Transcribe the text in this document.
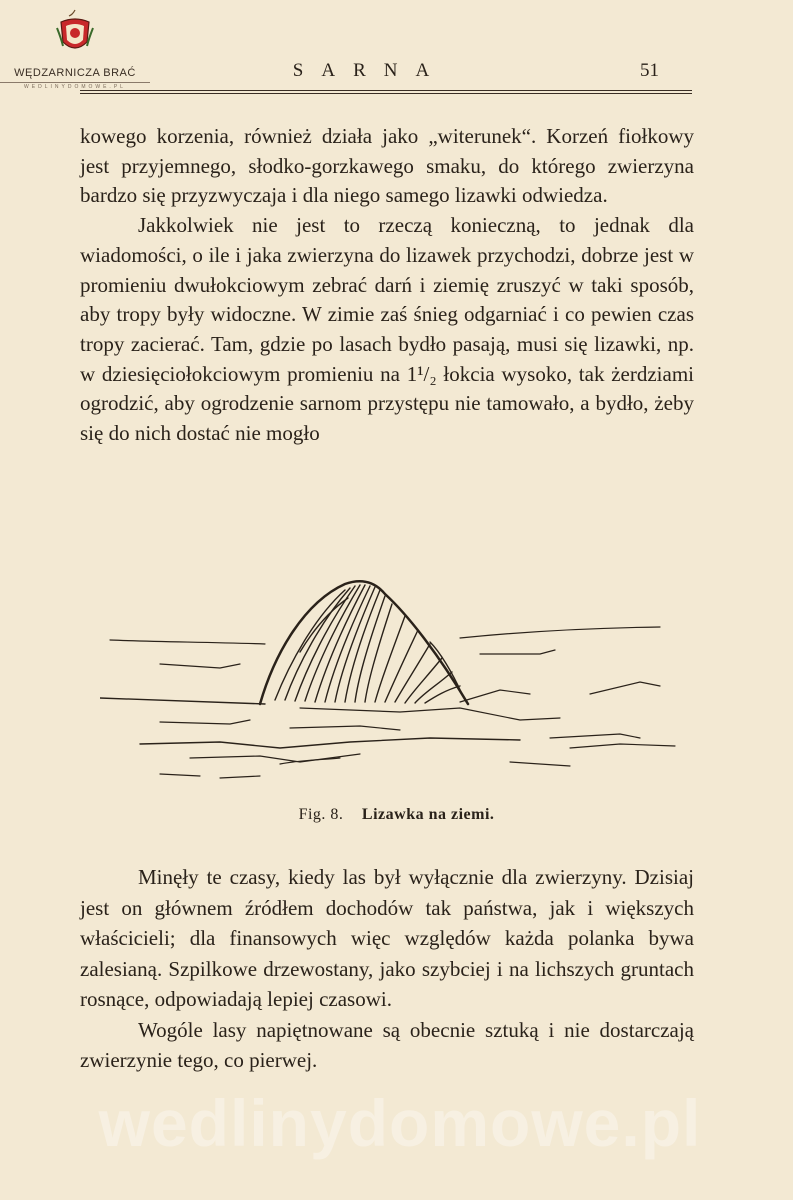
WĘDZARNICZA BRAĆ
WEDLINYDOMOWE.PL
SARNA	51

kowego korzenia, również działa jako „witerunek“. Korzeń fiołkowy jest przyjemnego, słodko-gorzkawego smaku, do którego zwierzyna bardzo się przyzwyczaja i dla niego samego lizawki odwiedza.

Jakkolwiek nie jest to rzeczą konieczną, to jednak dla wiadomości, o ile i jaka zwierzyna do lizawek przychodzi, dobrze jest w promieniu dwułokciowym zebrać darń i ziemię zruszyć w taki sposób, aby tropy były widoczne. W zimie zaś śnieg odgarniać i co pewien czas tropy zacierać. Tam, gdzie po lasach bydło pasają, musi się lizawki, np. w dziesięciołokciowym promieniu na 1¹/₂ łokcia wysoko, tak żerdziami ogrodzić, aby ogrodzenie sarnom przystępu nie tamowało, a bydło, żeby się do nich dostać nie mogło

Fig. 8. Lizawka na ziemi.

Minęły te czasy, kiedy las był wyłącznie dla zwierzyny. Dzisiaj jest on głównem źródłem dochodów tak państwa, jak i większych właścicieli; dla finansowych więc względów każda polanka bywa zalesianą. Szpilkowe drzewostany, jako szybciej i na lichszych gruntach rosnące, odpowiadają lepiej czasowi.

Wogóle lasy napiętnowane są obecnie sztuką i nie dostarczają zwierzynie tego, co pierwej.

wedlinydomowe.pl
